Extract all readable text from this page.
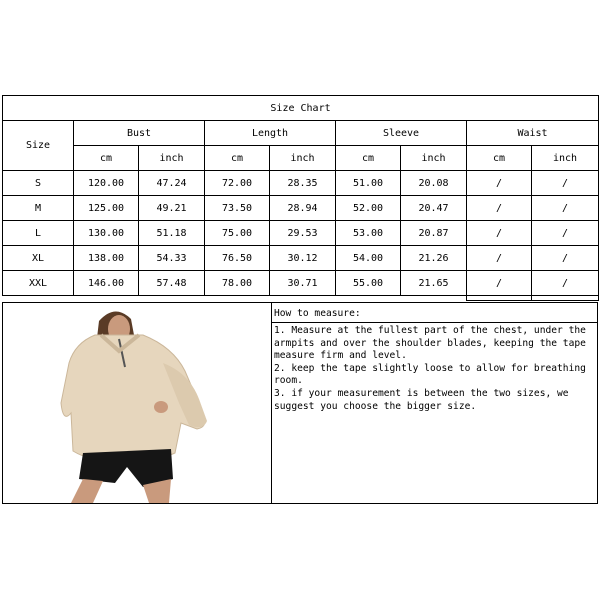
Size Chart								
Size	Bust		Length		Sleeve		Waist	
	cm	inch	cm	inch	cm	inch	cm	inch
S	120.00	47.24	72.00	28.35	51.00	20.08	/	/
M	125.00	49.21	73.50	28.94	52.00	20.47	/	/
L	130.00	51.18	75.00	29.53	53.00	20.87	/	/
XL	138.00	54.33	76.50	30.12	54.00	21.26	/	/
XXL	146.00	57.48	78.00	30.71	55.00	21.65	/	/

How to measure:

1. Measure at the fullest part of the chest, under the armpits and over the shoulder blades, keeping the tape measure firm and level.

2. keep the tape slightly loose to allow for breathing room.

3. if your measurement is between the two sizes, we suggest you choose the bigger size.
